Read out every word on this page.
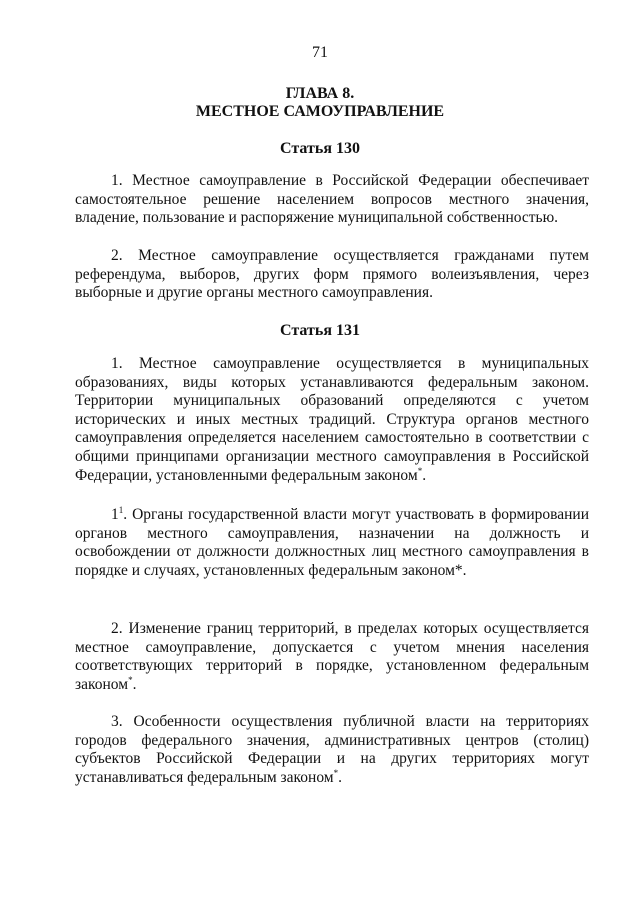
71
ГЛАВА 8.
МЕСТНОЕ САМОУПРАВЛЕНИЕ
Статья 130

1. Местное самоуправление в Российской Федерации обеспечивает самостоятельное решение населением вопросов местного значения, владение, пользование и распоряжение муниципальной собственностью.

2. Местное самоуправление осуществляется гражданами путем референдума, выборов, других форм прямого волеизъявления, через выборные и другие органы местного самоуправления.

Статья 131

1. Местное самоуправление осуществляется в муниципальных образованиях, виды которых устанавливаются федеральным законом. Территории муниципальных образований определяются с учетом исторических и иных местных традиций. Структура органов местного самоуправления определяется населением самостоятельно в соответствии с общими принципами организации местного самоуправления в Российской Федерации, установленными федеральным законом*.

$1^1$. Органы государственной власти могут участвовать в формировании органов местного самоуправления, назначении на должность и освобождении от должности должностных лиц местного самоуправления в порядке и случаях, установленных федеральным законом*.

2. Изменение границ территорий, в пределах которых осуществляется местное самоуправление, допускается с учетом мнения населения соответствующих территорий в порядке, установленном федеральным законом*.

3. Особенности осуществления публичной власти на территориях городов федерального значения, административных центров (столиц) субъектов Российской Федерации и на других территориях могут устанавливаться федеральным законом*.
